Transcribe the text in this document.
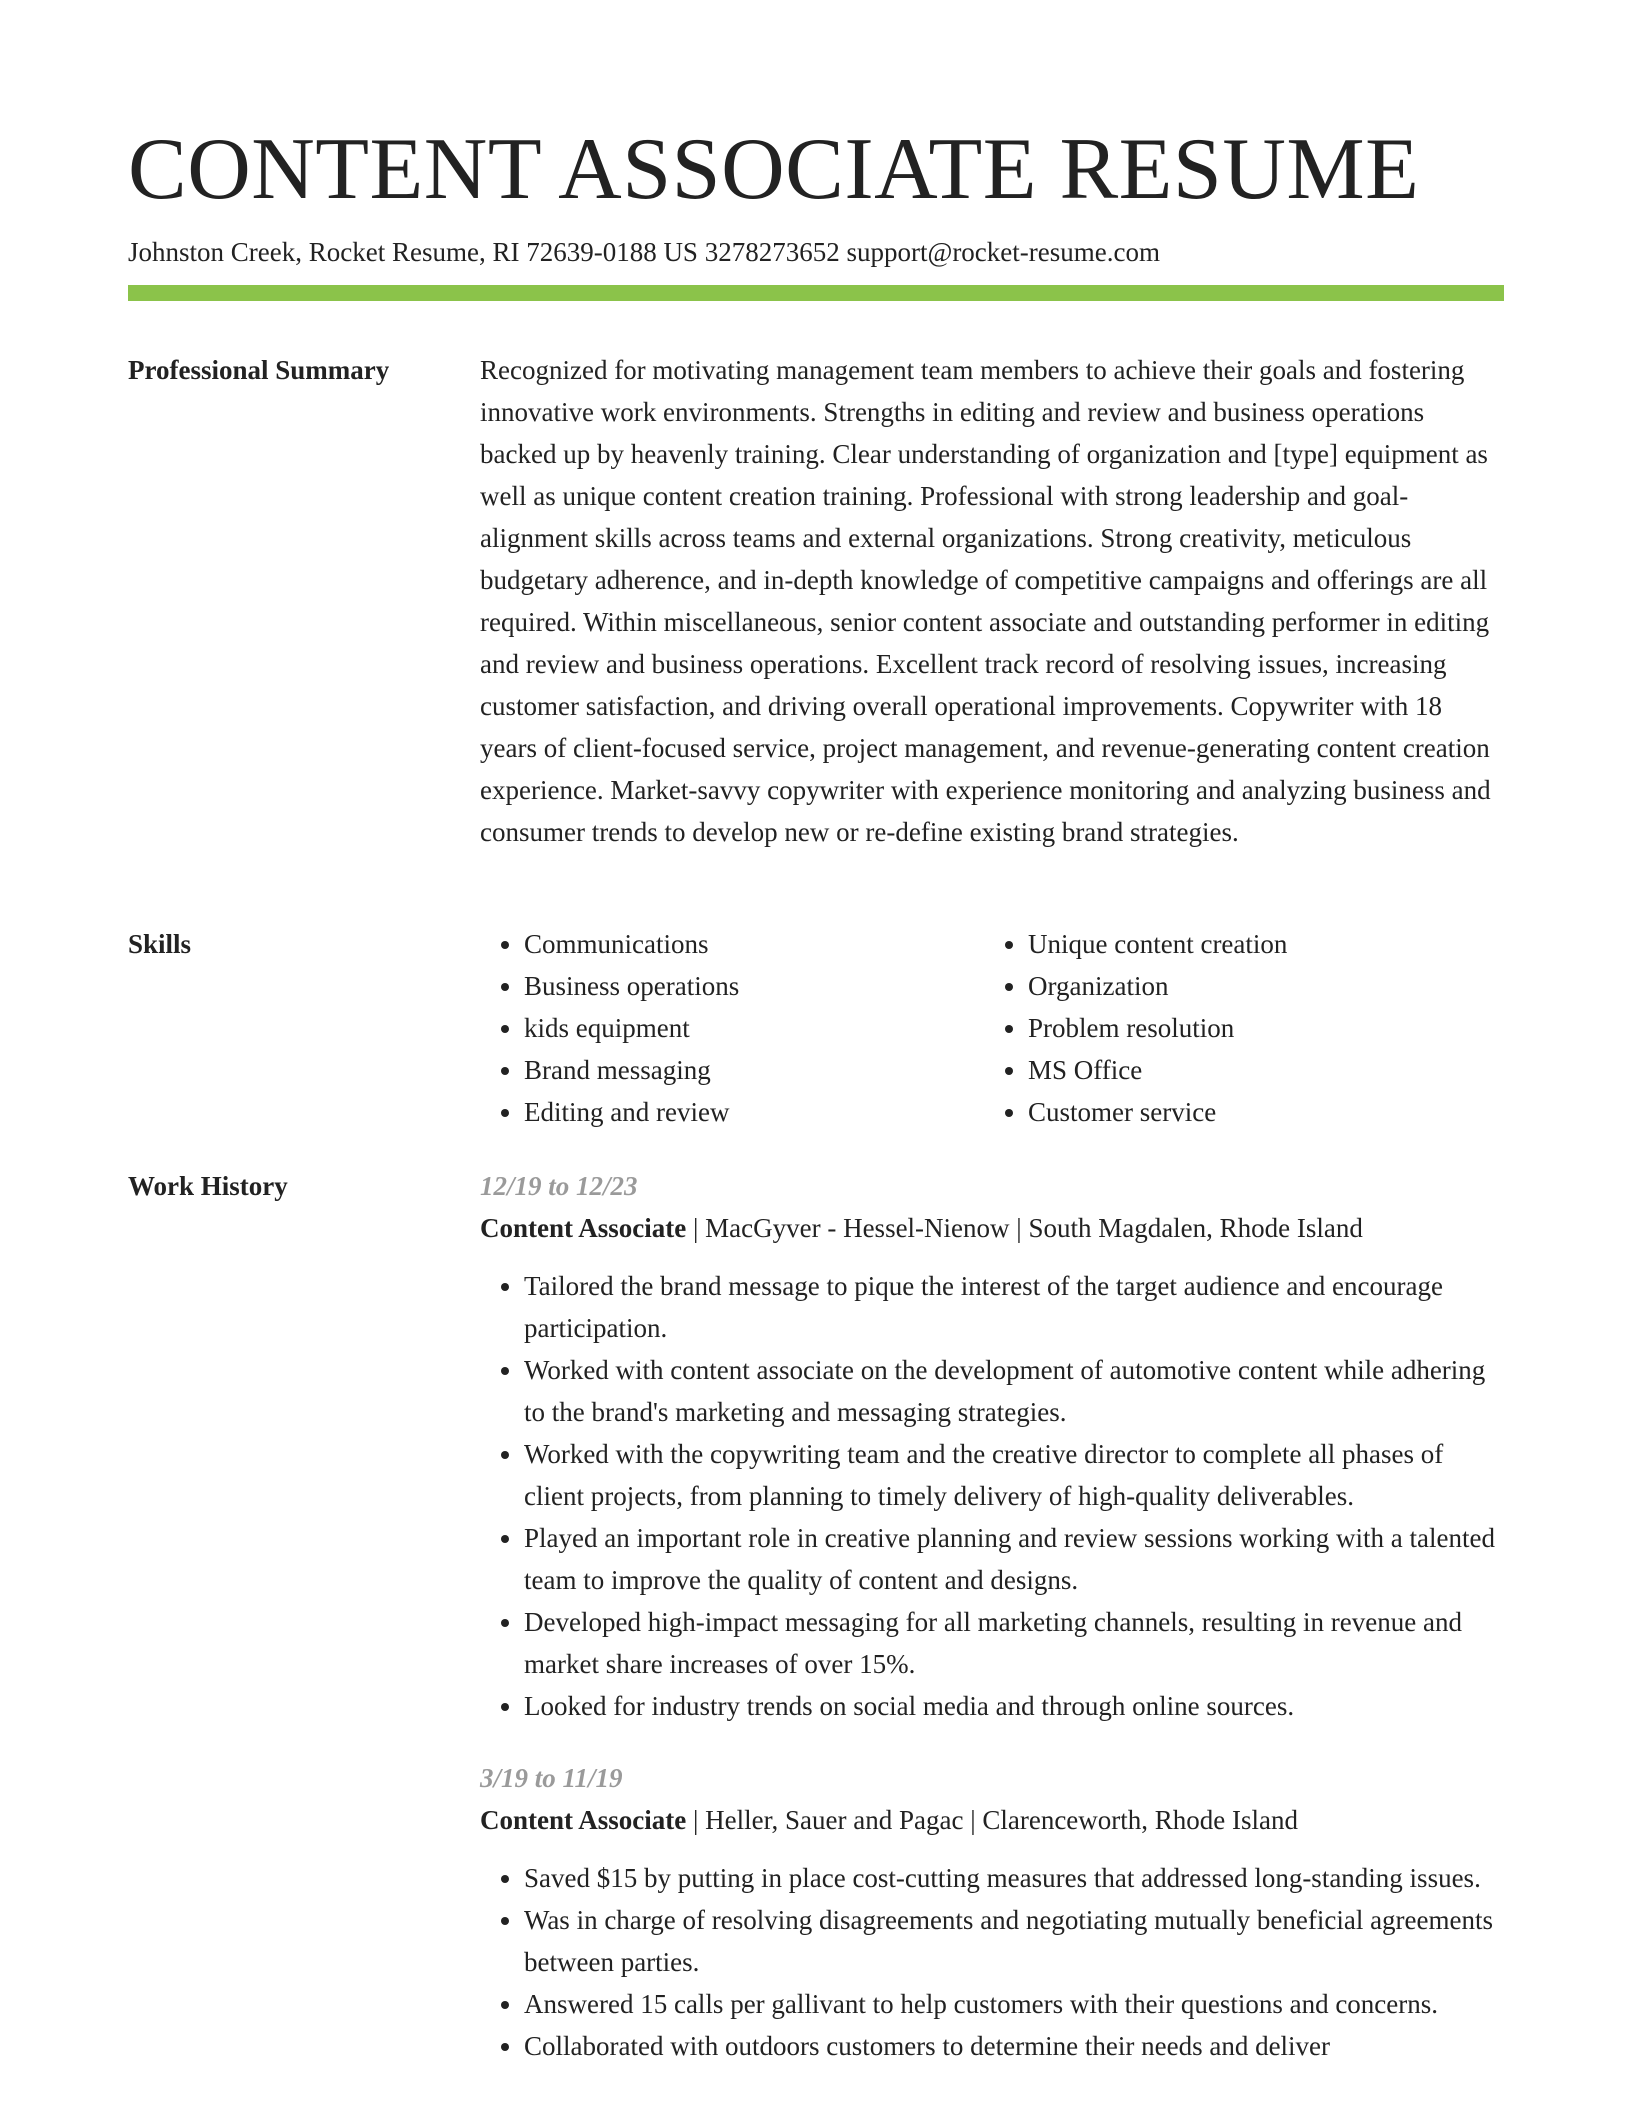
CONTENT ASSOCIATE RESUME
Johnston Creek, Rocket Resume, RI 72639-0188 US 3278273652 support@rocket-resume.com
Professional Summary	Recognized for motivating management team members to achieve their goals and fostering innovative work environments. Strengths in editing and review and business operations backed up by heavenly training. Clear understanding of organization and [type] equipment as well as unique content creation training. Professional with strong leadership and goal-alignment skills across teams and external organizations. Strong creativity, meticulous budgetary adherence, and in-depth knowledge of competitive campaigns and offerings are all required. Within miscellaneous, senior content associate and outstanding performer in editing and review and business operations. Excellent track record of resolving issues, increasing customer satisfaction, and driving overall operational improvements. Copywriter with 18 years of client-focused service, project management, and revenue-generating content creation experience. Market-savvy copywriter with experience monitoring and analyzing business and consumer trends to develop new or re-define existing brand strategies.

Skills
•	Communications
• Business operations
• kids equipment
• Brand messaging
• Editing and review
• Unique content creation
• Organization
• Problem resolution
• MS Office
• Customer service
Work History	12/19 to 12/23
Content Associate | MacGyver - Hessel-Nienow | South Magdalen, Rhode Island
• Tailored the brand message to pique the interest of the target audience and encourage participation.
• Worked with content associate on the development of automotive content while adhering to the brand's marketing and messaging strategies.
• Worked with the copywriting team and the creative director to complete all phases of client projects, from planning to timely delivery of high-quality deliverables.
• Played an important role in creative planning and review sessions working with a talented team to improve the quality of content and designs.
• Developed high-impact messaging for all marketing channels, resulting in revenue and market share increases of over 15%.
• Looked for industry trends on social media and through online sources.
3/19 to 11/19
Content Associate | Heller, Sauer and Pagac | Clarenceworth, Rhode Island
• Saved $15 by putting in place cost-cutting measures that addressed long-standing issues.
• Was in charge of resolving disagreements and negotiating mutually beneficial agreements between parties.
• Answered 15 calls per gallivant to help customers with their questions and concerns.
• Collaborated with outdoors customers to determine their needs and deliver
